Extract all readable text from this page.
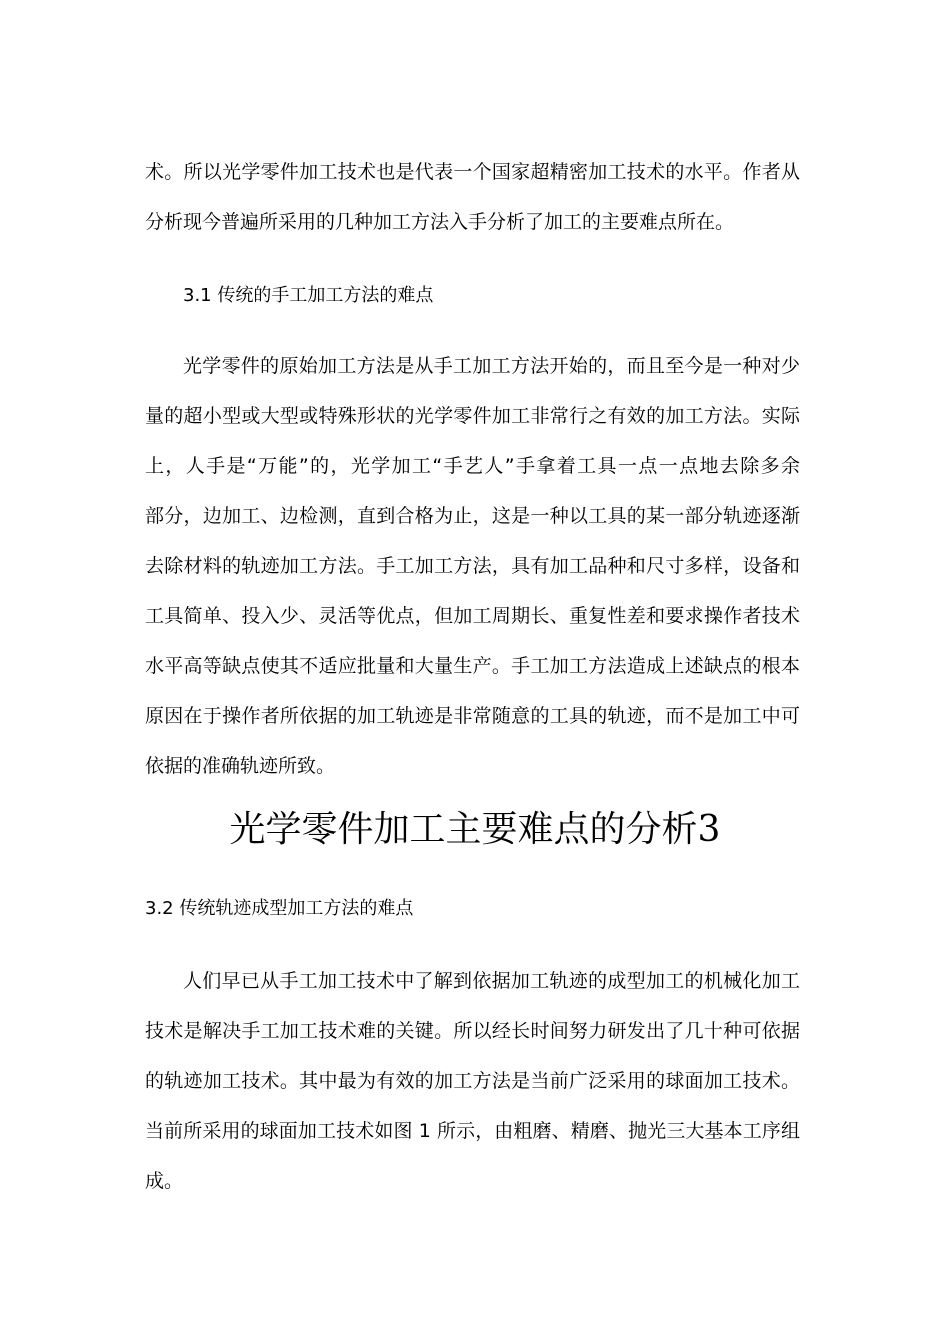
术。所以光学零件加工技术也是代表一个国家超精密加工技术的水平。作者从
分析现今普遍所采用的几种加工方法入手分析了加工的主要难点所在。
3.1 传统的手工加工方法的难点
光学零件的原始加工方法是从手工加工方法开始的，而且至今是一种对少
量的超小型或大型或特殊形状的光学零件加工非常行之有效的加工方法。实际
上，人手是“万能”的，光学加工“手艺人”手拿着工具一点一点地去除多余
部分，边加工、边检测，直到合格为止，这是一种以工具的某一部分轨迹逐渐
去除材料的轨迹加工方法。手工加工方法，具有加工品种和尺寸多样，设备和
工具简单、投入少、灵活等优点，但加工周期长、重复性差和要求操作者技术
水平高等缺点使其不适应批量和大量生产。手工加工方法造成上述缺点的根本
原因在于操作者所依据的加工轨迹是非常随意的工具的轨迹，而不是加工中可
依据的准确轨迹所致。
光学零件加工主要难点的分析3
3.2 传统轨迹成型加工方法的难点
人们早已从手工加工技术中了解到依据加工轨迹的成型加工的机械化加工
技术是解决手工加工技术难的关键。所以经长时间努力研发出了几十种可依据
的轨迹加工技术。其中最为有效的加工方法是当前广泛采用的球面加工技术。
当前所采用的球面加工技术如图 1 所示，由粗磨、精磨、抛光三大基本工序组
成。
